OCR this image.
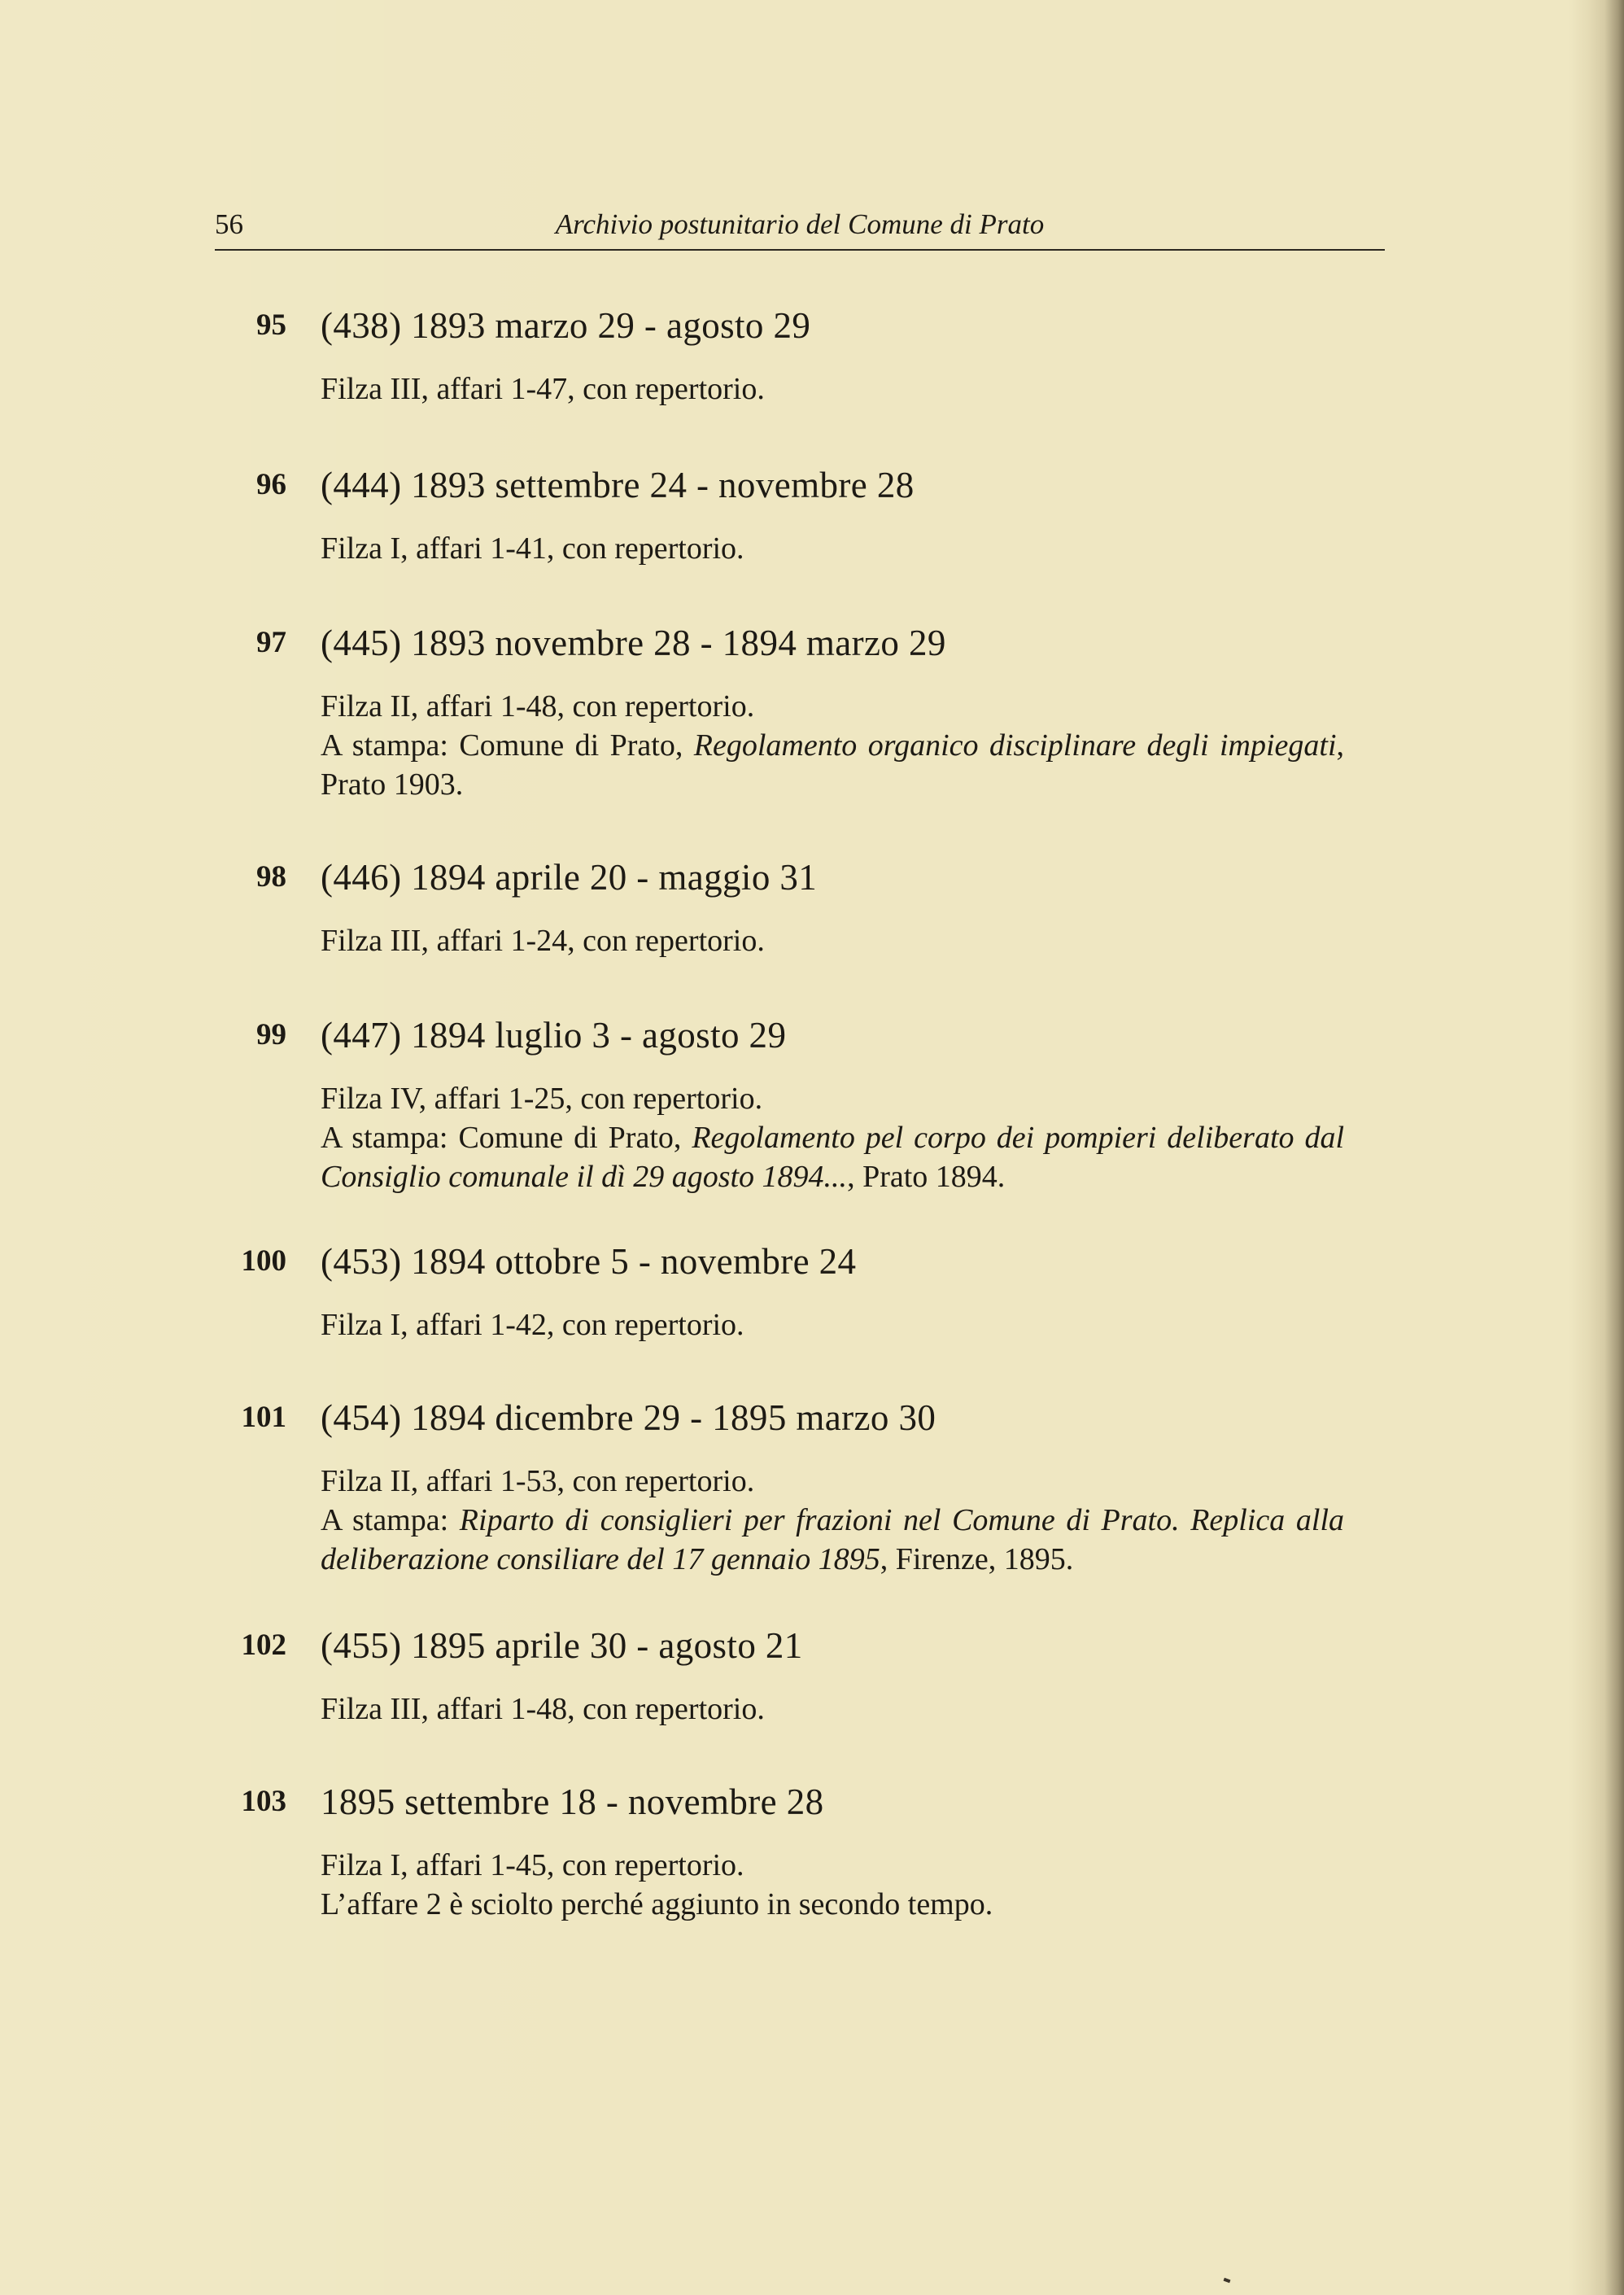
56	Archivio postunitario del Comune di Prato
95 (438) 1893 marzo 29 - agosto 29
Filza III, affari 1-47, con repertorio.
96 (444) 1893 settembre 24 - novembre 28
Filza I, affari 1-41, con repertorio.
97 (445) 1893 novembre 28 - 1894 marzo 29
Filza II, affari 1-48, con repertorio.
A stampa: Comune di Prato, Regolamento organico disciplinare degli impiegati, Prato 1903.
98 (446) 1894 aprile 20 - maggio 31
Filza III, affari 1-24, con repertorio.
99 (447) 1894 luglio 3 - agosto 29
Filza IV, affari 1-25, con repertorio.
A stampa: Comune di Prato, Regolamento pel corpo dei pompieri deliberato dal Consiglio comunale il dì 29 agosto 1894..., Prato 1894.
100 (453) 1894 ottobre 5 - novembre 24
Filza I, affari 1-42, con repertorio.
101 (454) 1894 dicembre 29 - 1895 marzo 30
Filza II, affari 1-53, con repertorio.
A stampa: Riparto di consiglieri per frazioni nel Comune di Prato. Replica alla deliberazione consiliare del 17 gennaio 1895, Firenze, 1895.
102 (455) 1895 aprile 30 - agosto 21
Filza III, affari 1-48, con repertorio.
103 1895 settembre 18 - novembre 28
Filza I, affari 1-45, con repertorio.
L’affare 2 è sciolto perché aggiunto in secondo tempo.
